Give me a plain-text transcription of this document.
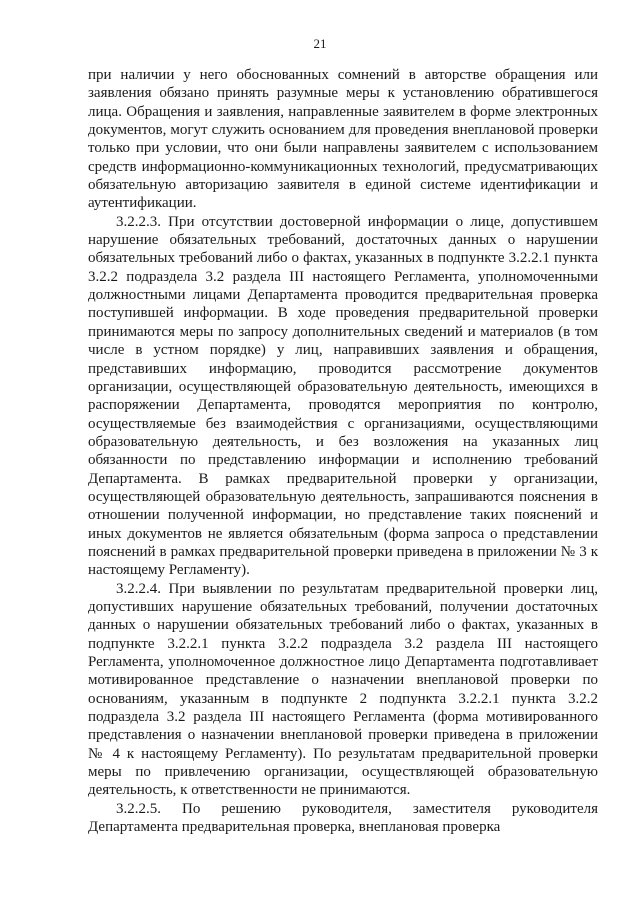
21

при наличии у него обоснованных сомнений в авторстве обращения или заявления обязано принять разумные меры к установлению обратившегося лица. Обращения и заявления, направленные заявителем в форме электронных документов, могут служить основанием для проведения внеплановой проверки только при условии, что они были направлены заявителем с использованием средств информационно-коммуникационных технологий, предусматривающих обязательную авторизацию заявителя в единой системе идентификации и аутентификации.

3.2.2.3. При отсутствии достоверной информации о лице, допустившем нарушение обязательных требований, достаточных данных о нарушении обязательных требований либо о фактах, указанных в подпункте 3.2.2.1 пункта 3.2.2 подраздела 3.2 раздела III настоящего Регламента, уполномоченными должностными лицами Департамента проводится предварительная проверка поступившей информации. В ходе проведения предварительной проверки принимаются меры по запросу дополнительных сведений и материалов (в том числе в устном порядке) у лиц, направивших заявления и обращения, представивших информацию, проводится рассмотрение документов организации, осуществляющей образовательную деятельность, имеющихся в распоряжении Департамента, проводятся мероприятия по контролю, осуществляемые без взаимодействия с организациями, осуществляющими образовательную деятельность, и без возложения на указанных лиц обязанности по представлению информации и исполнению требований Департамента. В рамках предварительной проверки у организации, осуществляющей образовательную деятельность, запрашиваются пояснения в отношении полученной информации, но представление таких пояснений и иных документов не является обязательным (форма запроса о представлении пояснений в рамках предварительной проверки приведена в приложении № 3 к настоящему Регламенту).

3.2.2.4. При выявлении по результатам предварительной проверки лиц, допустивших нарушение обязательных требований, получении достаточных данных о нарушении обязательных требований либо о фактах, указанных в подпункте 3.2.2.1 пункта 3.2.2 подраздела 3.2 раздела III настоящего Регламента, уполномоченное должностное лицо Департамента подготавливает мотивированное представление о назначении внеплановой проверки по основаниям, указанным в подпункте 2 подпункта 3.2.2.1 пункта 3.2.2 подраздела 3.2 раздела III настоящего Регламента (форма мотивированного представления о назначении внеплановой проверки приведена в приложении № 4 к настоящему Регламенту). По результатам предварительной проверки меры по привлечению организации, осуществляющей образовательную деятельность, к ответственности не принимаются.

3.2.2.5. По решению руководителя, заместителя руководителя Департамента предварительная проверка, внеплановая проверка
